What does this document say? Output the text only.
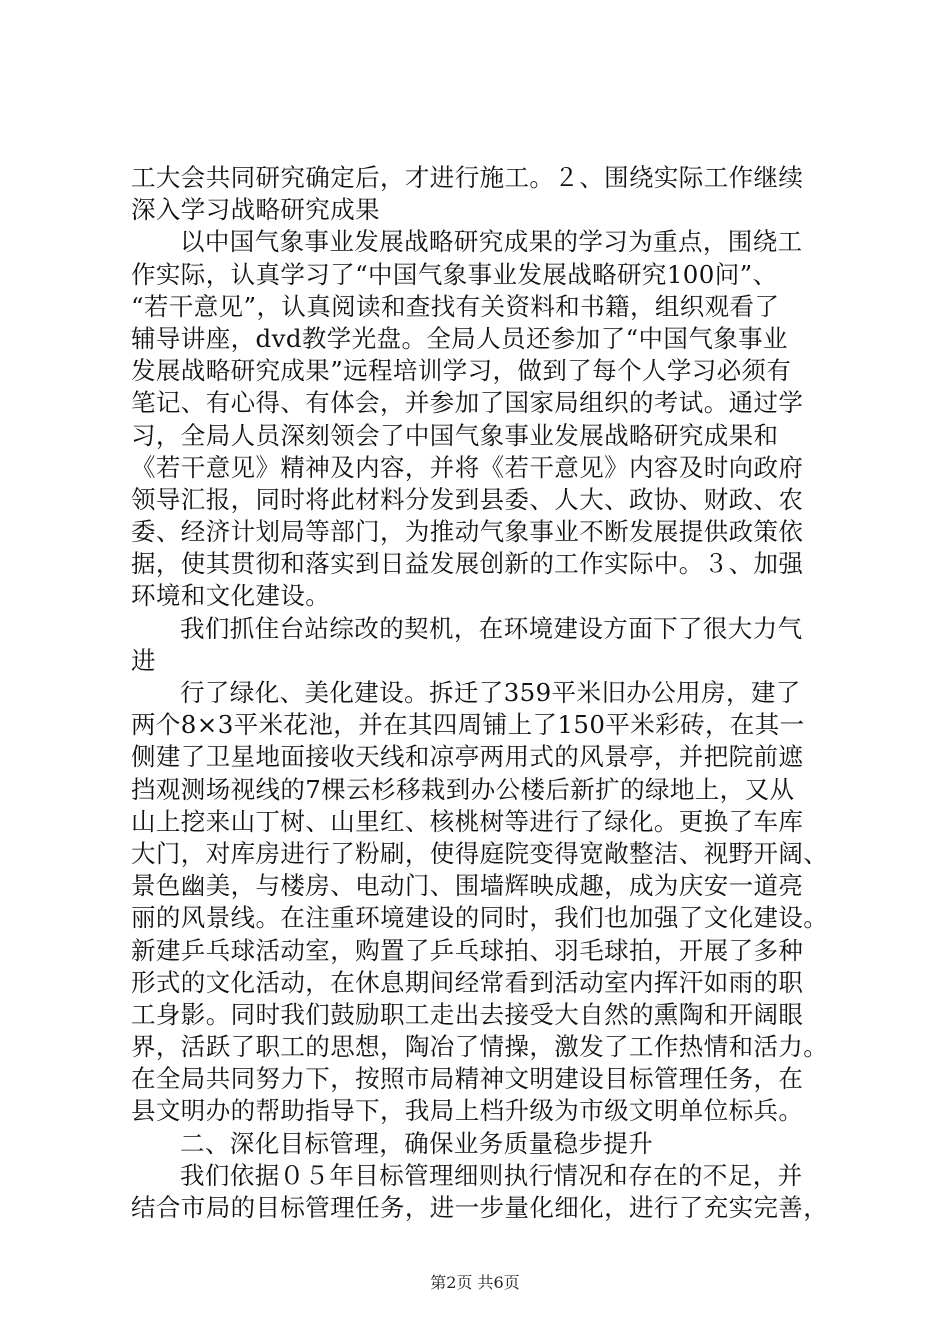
工大会共同研究确定后，才进行施工。２、围绕实际工作继续
深入学习战略研究成果
以中国气象事业发展战略研究成果的学习为重点，围绕工
作实际，认真学习了“中国气象事业发展战略研究100问”、
“若干意见”，认真阅读和查找有关资料和书籍，组织观看了
辅导讲座，dvd教学光盘。全局人员还参加了“中国气象事业
发展战略研究成果”远程培训学习，做到了每个人学习必须有
笔记、有心得、有体会，并参加了国家局组织的考试。通过学
习，全局人员深刻领会了中国气象事业发展战略研究成果和
《若干意见》精神及内容，并将《若干意见》内容及时向政府
领导汇报，同时将此材料分发到县委、人大、政协、财政、农
委、经济计划局等部门，为推动气象事业不断发展提供政策依
据，使其贯彻和落实到日益发展创新的工作实际中。３、加强
环境和文化建设。
我们抓住台站综改的契机，在环境建设方面下了很大力气
进
行了绿化、美化建设。拆迁了359平米旧办公用房，建了
两个8×3平米花池，并在其四周铺上了150平米彩砖，在其一
侧建了卫星地面接收天线和凉亭两用式的风景亭，并把院前遮
挡观测场视线的7棵云杉移栽到办公楼后新扩的绿地上，又从
山上挖来山丁树、山里红、核桃树等进行了绿化。更换了车库
大门，对库房进行了粉刷，使得庭院变得宽敞整洁、视野开阔、
景色幽美，与楼房、电动门、围墙辉映成趣，成为庆安一道亮
丽的风景线。在注重环境建设的同时，我们也加强了文化建设。
新建乒乓球活动室，购置了乒乓球拍、羽毛球拍，开展了多种
形式的文化活动，在休息期间经常看到活动室内挥汗如雨的职
工身影。同时我们鼓励职工走出去接受大自然的熏陶和开阔眼
界，活跃了职工的思想，陶冶了情操，激发了工作热情和活力。
在全局共同努力下，按照市局精神文明建设目标管理任务，在
县文明办的帮助指导下，我局上档升级为市级文明单位标兵。
二、深化目标管理，确保业务质量稳步提升
我们依据０５年目标管理细则执行情况和存在的不足，并
结合市局的目标管理任务，进一步量化细化，进行了充实完善，
第2页 共6页
